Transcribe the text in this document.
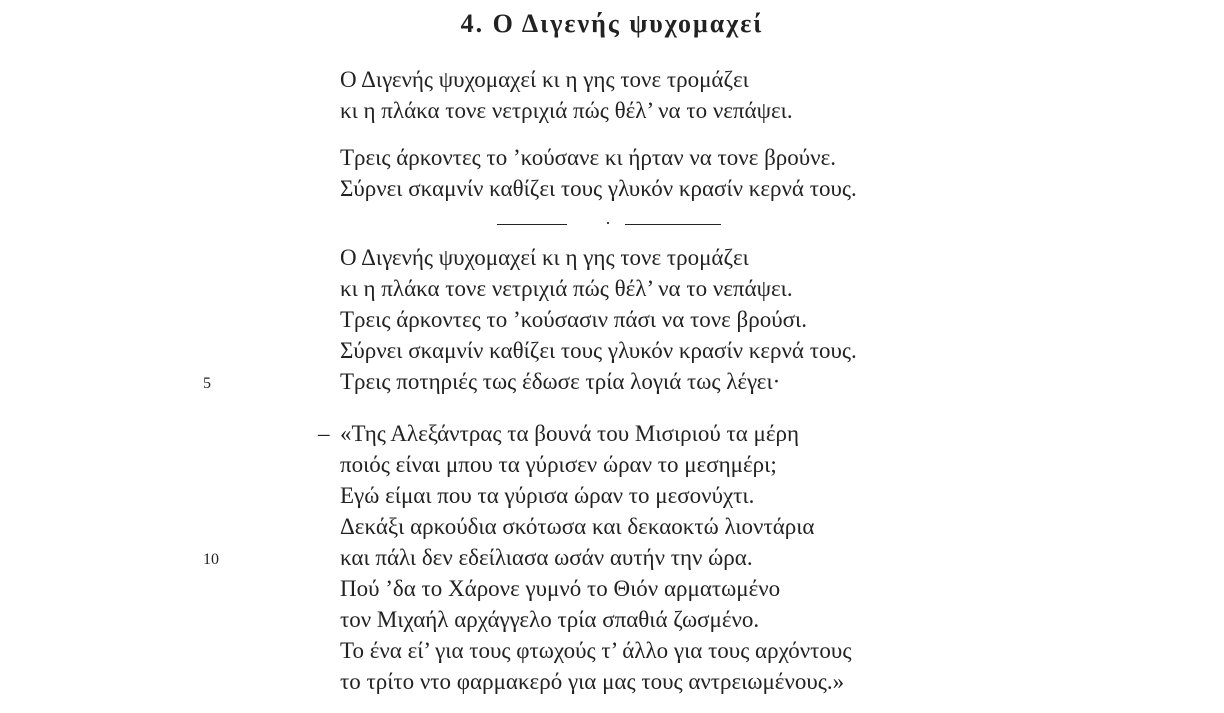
4. Ο Διγενής ψυχομαχεί
Ο Διγενής ψυχομαχεί κι η γης τονε τρομάζει
κι η πλάκα τονε νετριχιά πώς θέλ’ να το νεπάψει.
Τρεις άρκοντες το ’κούσανε κι ήρταν να τονε βρούνε.
Σύρνει σκαμνίν καθίζει τους γλυκόν κρασίν κερνά τους.
·
Ο Διγενής ψυχομαχεί κι η γης τονε τρομάζει
κι η πλάκα τονε νετριχιά πώς θέλ’ να το νεπάψει.
Τρεις άρκοντες το ’κούσασιν πάσι να τονε βρούσι.
Σύρνει σκαμνίν καθίζει τους γλυκόν κρασίν κερνά τους.
5	Τρεις ποτηριές τως έδωσε τρία λογιά τως λέγει·
– «Της Αλεξάντρας τα βουνά του Μισιριού τα μέρη
ποιός είναι μπου τα γύρισεν ώραν το μεσημέρι;
Εγώ είμαι που τα γύρισα ώραν το μεσονύχτι.
Δεκάξι αρκούδια σκότωσα και δεκαοκτώ λιοντάρια
10	και πάλι δεν εδείλιασα ωσάν αυτήν την ώρα.
Πού ’δα το Χάρονε γυμνό το Θιόν αρματωμένο
τον Μιχαήλ αρχάγγελο τρία σπαθιά ζωσμένο.
Το ένα εί’ για τους φτωχούς τ’ άλλο για τους αρχόντους
το τρίτο ντο φαρμακερό για μας τους αντρειωμένους.»
